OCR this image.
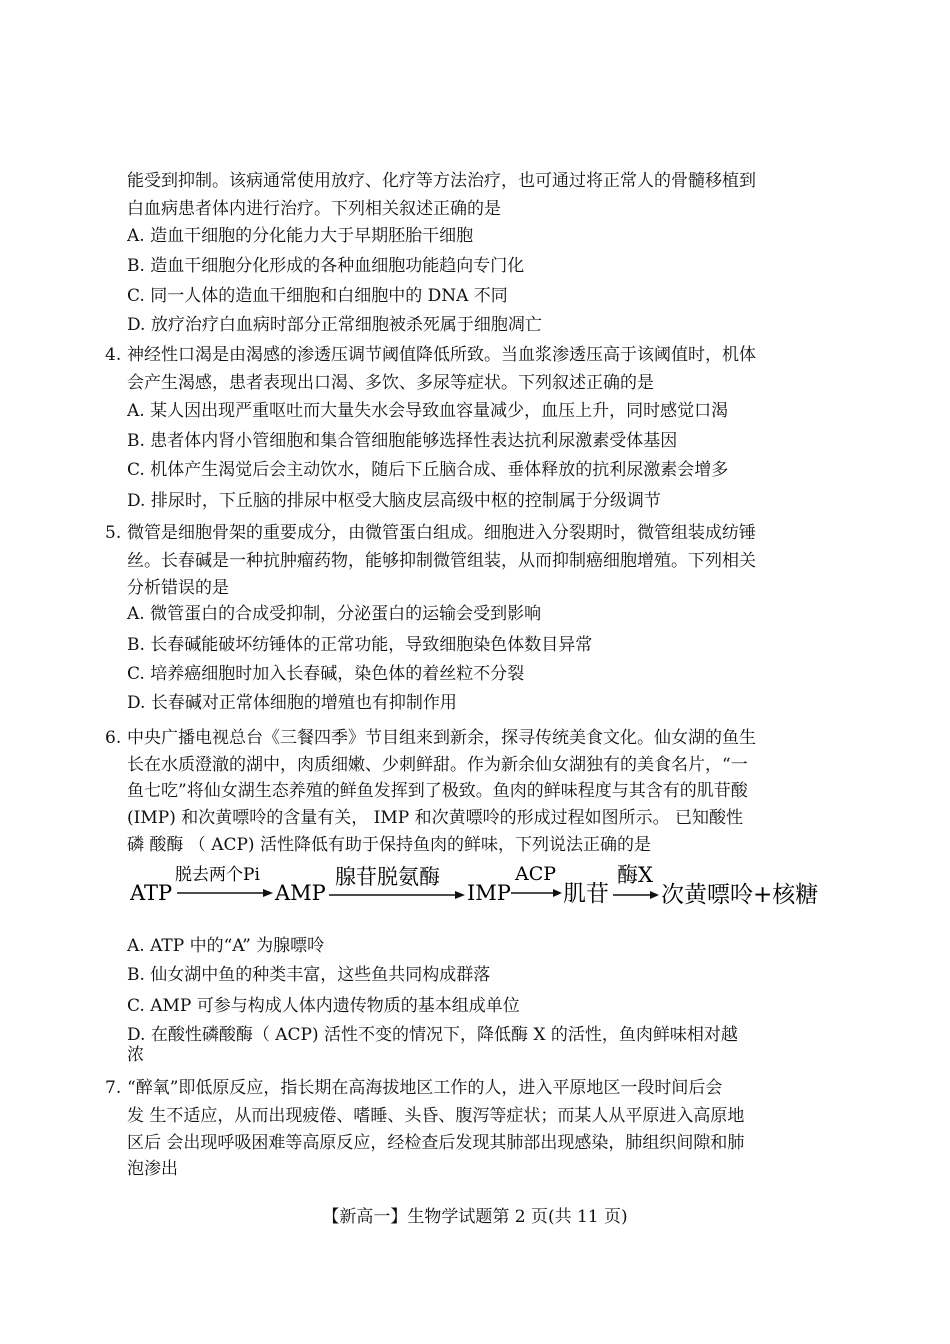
能受到抑制。该病通常使用放疗、化疗等方法治疗，也可通过将正常人的骨髓移植到
白血病患者体内进行治疗。下列相关叙述正确的是
A. 造血干细胞的分化能力大于早期胚胎干细胞
B. 造血干细胞分化形成的各种血细胞功能趋向专门化
C. 同一人体的造血干细胞和白细胞中的 DNA 不同
D. 放疗治疗白血病时部分正常细胞被杀死属于细胞凋亡
4. 神经性口渴是由渴感的渗透压调节阈值降低所致。当血浆渗透压高于该阈值时，机体
会产生渴感，患者表现出口渴、多饮、多尿等症状。下列叙述正确的是
A. 某人因出现严重呕吐而大量失水会导致血容量减少，血压上升，同时感觉口渴
B. 患者体内肾小管细胞和集合管细胞能够选择性表达抗利尿激素受体基因
C. 机体产生渴觉后会主动饮水，随后下丘脑合成、垂体释放的抗利尿激素会增多
D. 排尿时，下丘脑的排尿中枢受大脑皮层高级中枢的控制属于分级调节
5. 微管是细胞骨架的重要成分，由微管蛋白组成。细胞进入分裂期时，微管组装成纺锤
丝。长春碱是一种抗肿瘤药物，能够抑制微管组装，从而抑制癌细胞增殖。下列相关
分析错误的是
A. 微管蛋白的合成受抑制，分泌蛋白的运输会受到影响
B. 长春碱能破坏纺锤体的正常功能，导致细胞染色体数目异常
C. 培养癌细胞时加入长春碱，染色体的着丝粒不分裂
D. 长春碱对正常体细胞的增殖也有抑制作用
6. 中央广播电视总台《三餐四季》节目组来到新余，探寻传统美食文化。仙女湖的鱼生
长在水质澄澈的湖中，肉质细嫩、少刺鲜甜。作为新余仙女湖独有的美食名片，“一
鱼七吃”将仙女湖生态养殖的鲜鱼发挥到了极致。鱼肉的鲜味程度与其含有的肌苷酸
(IMP) 和次黄嘌呤的含量有关， IMP 和次黄嘌呤的形成过程如图所示。 已知酸性
磷 酸酶 （ ACP) 活性降低有助于保持鱼肉的鲜味，下列说法正确的是
ATP
脱去两个Pi
AMP
腺苷脱氨酶
IMP
ACP
肌苷
酶X
次黄嘌呤+核糖
A. ATP 中的“A” 为腺嘌呤
B. 仙女湖中鱼的种类丰富，这些鱼共同构成群落
C. AMP 可参与构成人体内遗传物质的基本组成单位
D. 在酸性磷酸酶（ ACP) 活性不变的情况下，降低酶 X 的活性，鱼肉鲜味相对越
浓
7. “醉氧”即低原反应，指长期在高海拔地区工作的人，进入平原地区一段时间后会
发 生不适应，从而出现疲倦、嗜睡、头昏、腹泻等症状；而某人从平原进入高原地
区后 会出现呼吸困难等高原反应，经检查后发现其肺部出现感染，肺组织间隙和肺
泡渗出
【新高一】生物学试题第 2 页(共 11 页)
